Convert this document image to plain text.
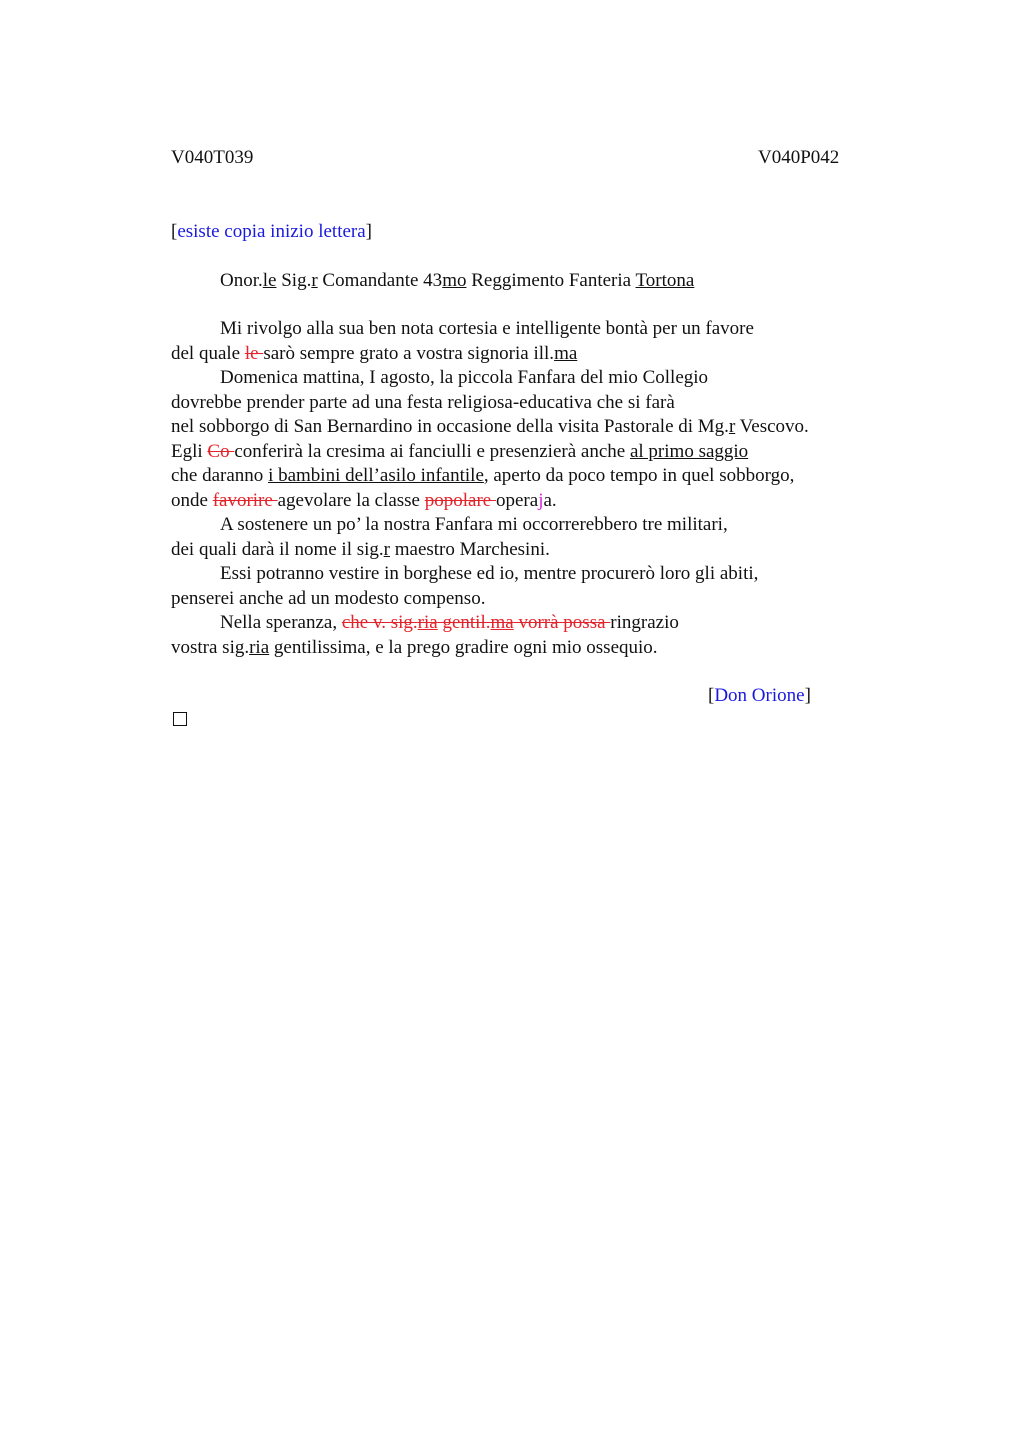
V040T039	V040P042
[esiste copia inizio lettera]
Onor.le Sig.r Comandante 43mo Reggimento Fanteria Tortona
Mi rivolgo alla sua ben nota cortesia e intelligente bontà per un favore
del quale le sarò sempre grato a vostra signoria ill.ma
Domenica mattina, I agosto, la piccola Fanfara del mio Collegio
dovrebbe prender parte ad una festa religiosa-educativa che si farà
nel sobborgo di San Bernardino in occasione della visita Pastorale di Mg.r Vescovo.
Egli Co conferirà la cresima ai fanciulli e presenzierà anche al primo saggio
che daranno i bambini dell’asilo infantile, aperto da poco tempo in quel sobborgo,
onde favorire agevolare la classe popolare operaja.
A sostenere un po’ la nostra Fanfara mi occorrerebbero tre militari,
dei quali darà il nome il sig.r maestro Marchesini.
Essi potranno vestire in borghese ed io, mentre procurerò loro gli abiti,
penserei anche ad un modesto compenso.
Nella speranza, che v. sig.ria gentil.ma vorrà possa ringrazio
vostra sig.ria gentilissima, e la prego gradire ogni mio ossequio.
[Don Orione]
